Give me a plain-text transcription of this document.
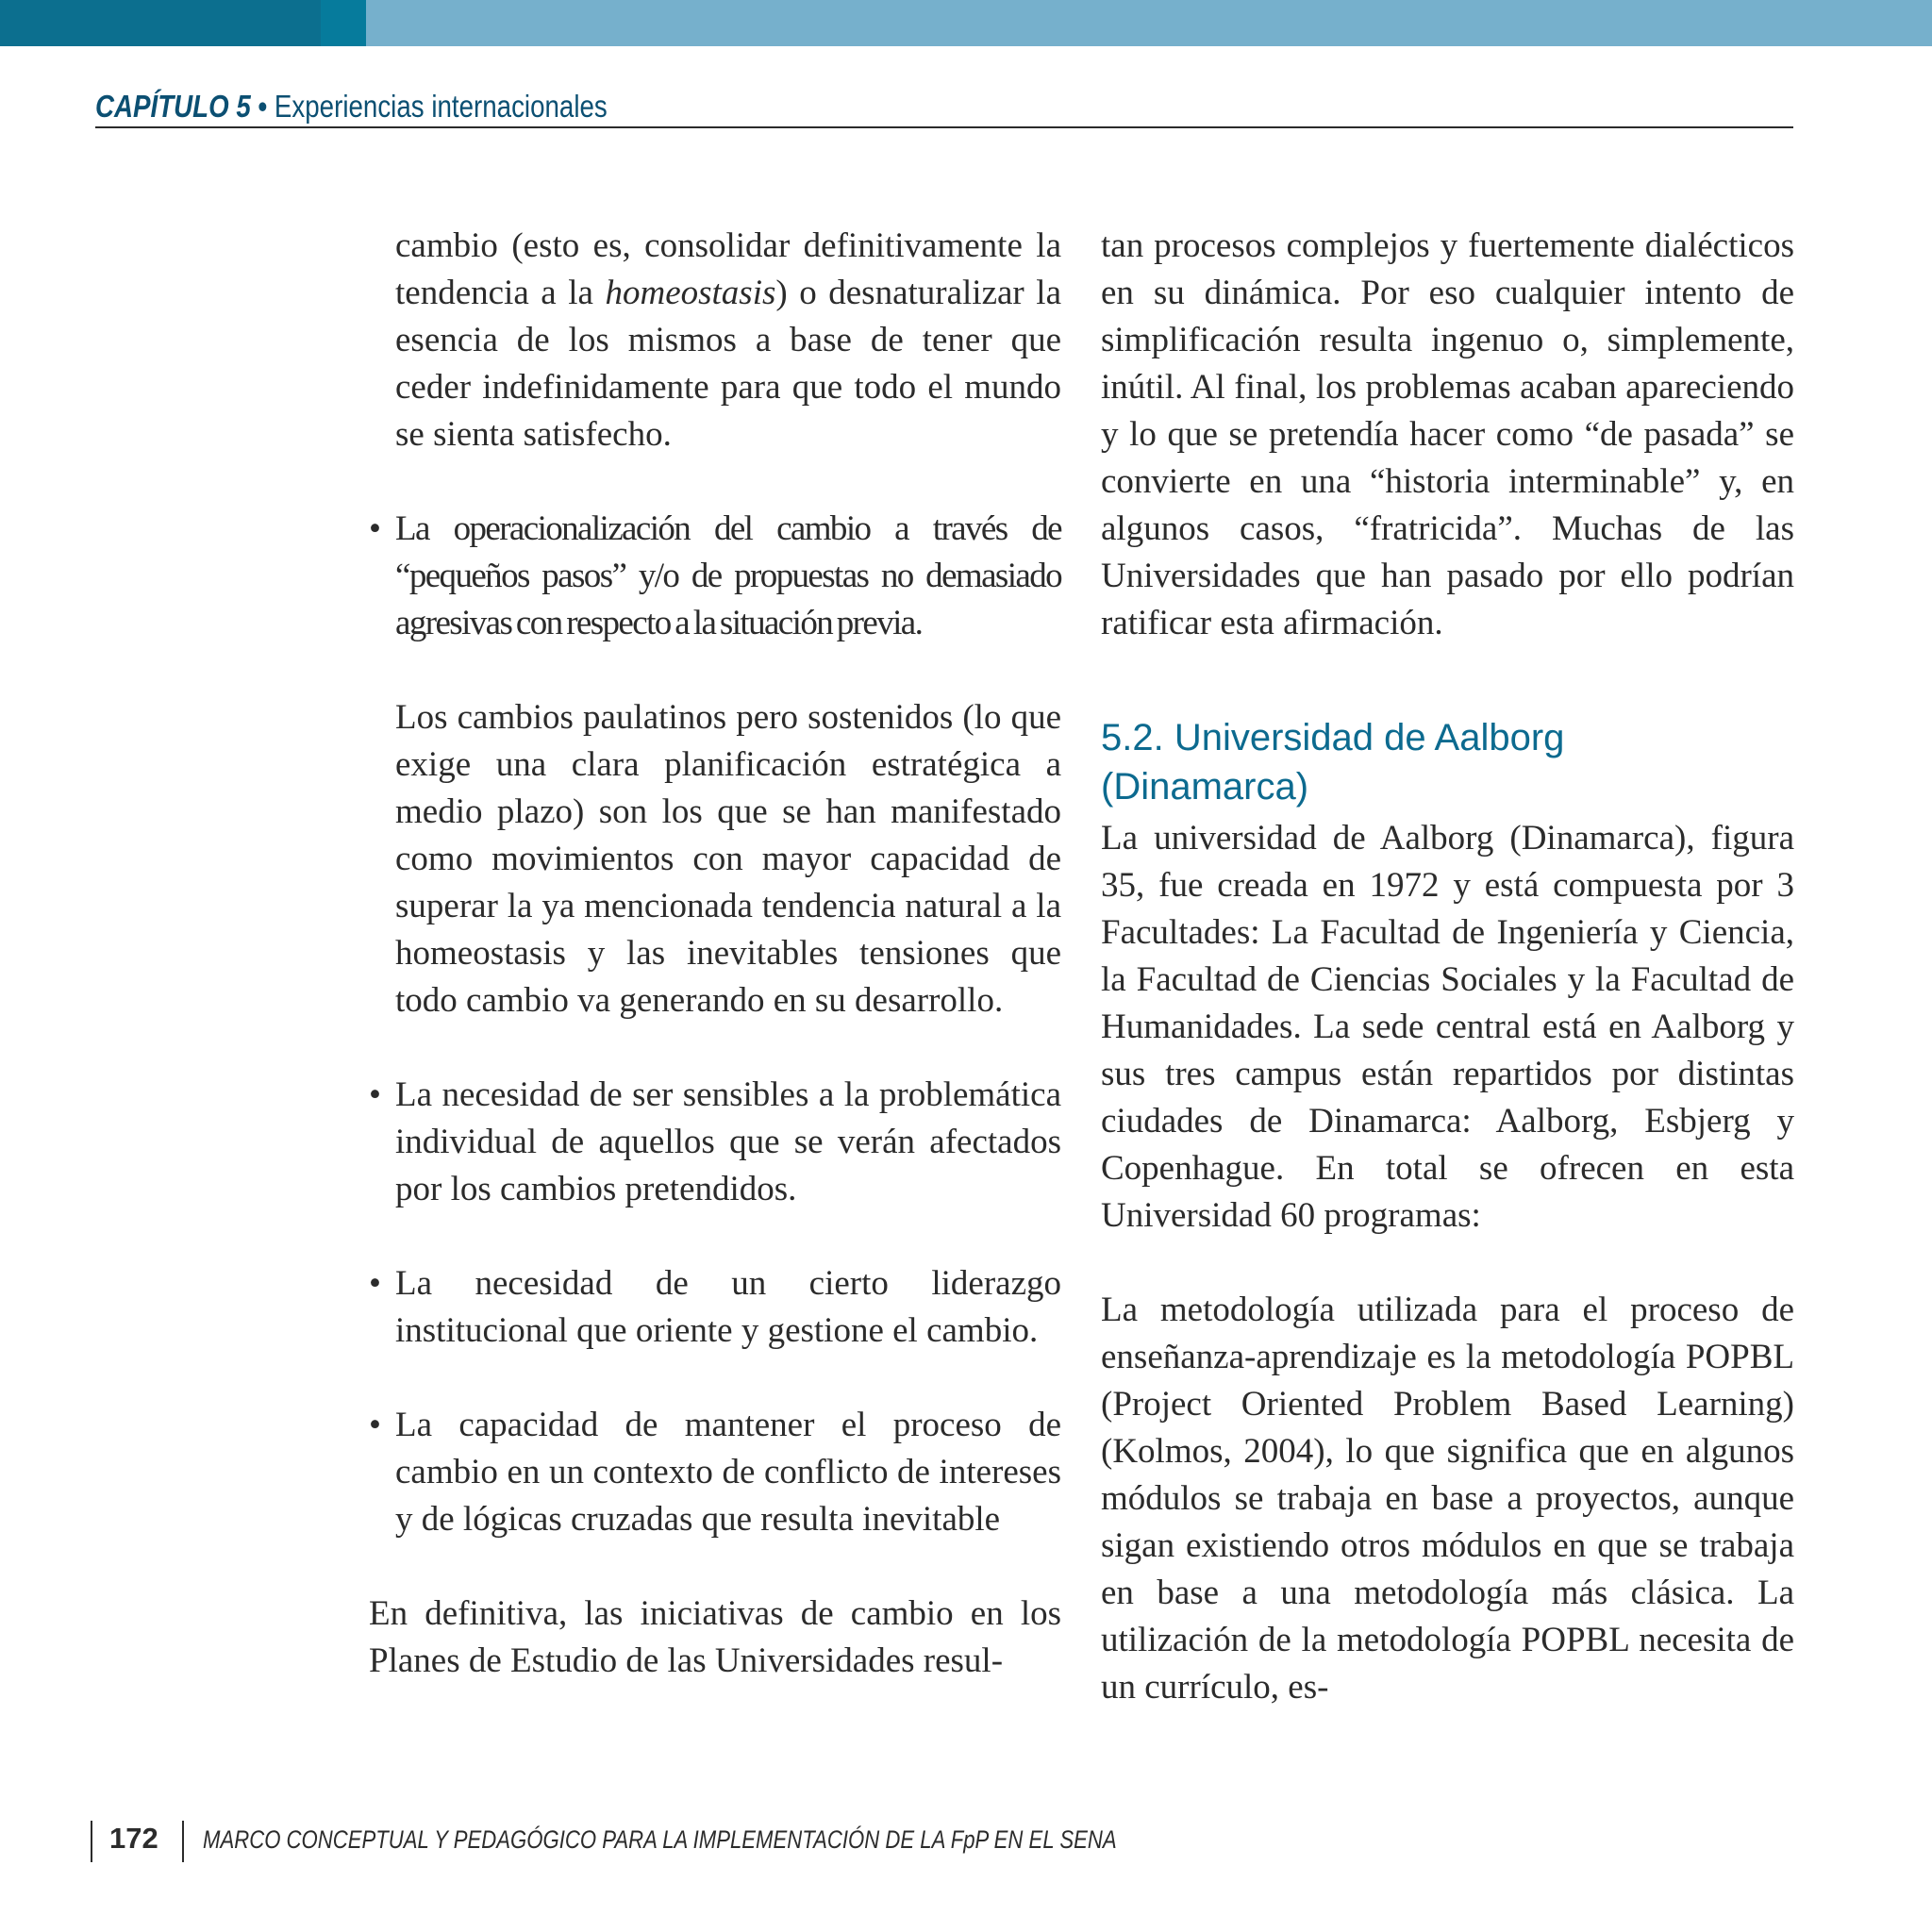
CAPÍTULO 5 • Experiencias internacionales

cambio (esto es, consolidar definitivamente la tendencia a la homeostasis) o desnaturalizar la esencia de los mismos a base de tener que ceder indefinidamente para que todo el mundo se sienta satisfecho.

• La operacionalización del cambio a través de “pequeños pasos” y/o de propuestas no demasiado agresivas con respecto a la situación previa.

Los cambios paulatinos pero sostenidos (lo que exige una clara planificación estratégica a medio plazo) son los que se han manifestado como movimientos con mayor capacidad de superar la ya mencionada tendencia natural a la homeostasis y las inevitables tensiones que todo cambio va generando en su desarrollo.

• La necesidad de ser sensibles a la problemática individual de aquellos que se verán afectados por los cambios pretendidos.

• La necesidad de un cierto liderazgo institucional que oriente y gestione el cambio.

• La capacidad de mantener el proceso de cambio en un contexto de conflicto de intereses y de lógicas cruzadas que resulta inevitable

En definitiva, las iniciativas de cambio en los Planes de Estudio de las Universidades resul-

tan procesos complejos y fuertemente dialécticos en su dinámica. Por eso cualquier intento de simplificación resulta ingenuo o, simplemente, inútil. Al final, los problemas acaban apareciendo y lo que se pretendía hacer como “de pasada” se convierte en una “historia interminable” y, en algunos casos, “fratricida”. Muchas de las Universidades que han pasado por ello podrían ratificar esta afirmación.

5.2. Universidad de Aalborg
(Dinamarca)

La universidad de Aalborg (Dinamarca), figura 35, fue creada en 1972 y está compuesta por 3 Facultades: La Facultad de Ingeniería y Ciencia, la Facultad de Ciencias Sociales y la Facultad de Humanidades. La sede central está en Aalborg y sus tres campus están repartidos por distintas ciudades de Dinamarca: Aalborg, Esbjerg y Copenhague. En total se ofrecen en esta Universidad 60 programas:

La metodología utilizada para el proceso de enseñanza-aprendizaje es la metodología POPBL (Project Oriented Problem Based Learning) (Kolmos, 2004), lo que significa que en algunos módulos se trabaja en base a proyectos, aunque sigan existiendo otros módulos en que se trabaja en base a una metodología más clásica. La utilización de la metodología POPBL necesita de un currículo, es-

172 MARCO CONCEPTUAL Y PEDAGÓGICO PARA LA IMPLEMENTACIÓN DE LA FpP EN EL SENA
